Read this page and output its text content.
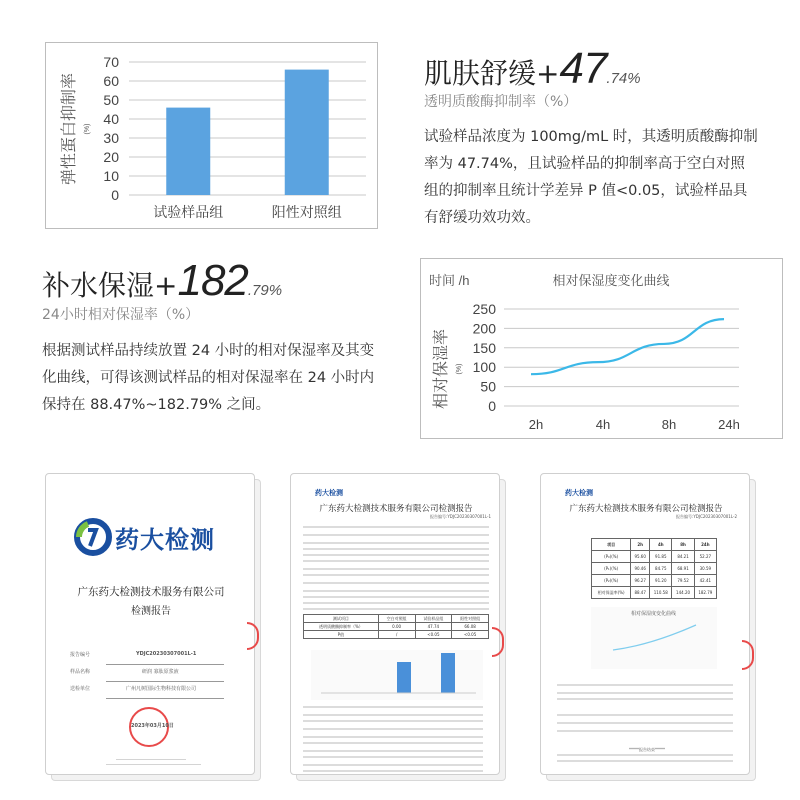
0
10
20
30
40
50
60
70
试验样品组	阳性对照组
弹性蛋白抑制率 (%)
肌肤舒缓+ 47 .74%
透明质酸酶抑制率（%）
试验样品浓度为 100mg/mL 时，其透明质酸酶抑制率为 47.74%，且试验样品的抑制率高于空白对照组的抑制率且统计学差异 P 值<0.05，试验样品具有舒缓功效功效。
补水保湿+ 182 .79%
24小时相对保湿率（%）
根据测试样品持续放置 24 小时的相对保湿率及其变化曲线，可得该测试样品的相对保湿率在 24 小时内保持在 88.47%~182.79% 之间。	0
50
100
150
200
250
2h	4h	8h	24h
时间 /h	相对保湿度变化曲线
相对保湿率 (%)
药大检测
广东药大检测技术服务有限公司
检测报告
报告编号	YDJC20230307001L-1
样品名称	研润 寡肽原浆液
送检单位	广州凡树国际生物科技有限公司
2023年03月10日
药大检测
广东药大检测技术服务有限公司检测报告
报告编号:YDJC20230307001L-1
测试项目	空白对照组	试验样品组	阳性对照组
透明质酸酶抑制率（%）	0.00	47.74	66.08
P值	/	<0.05	<0.05
药大检测
广东药大检测技术服务有限公司检测报告
报告编号:YDJC20230307001L-2
项目	2h	4h	8h	24h
(P₀)(%)	95.60	91.85	84.21	52.27
(P₁)(%)	90.46	84.75	68.91	30.59
(P₂)(%)	96.27	91.20	79.52	42.41
相对保湿率(%)	88.47	110.58	144.20	182.79
相对保湿度变化曲线
*****报告结束*****
